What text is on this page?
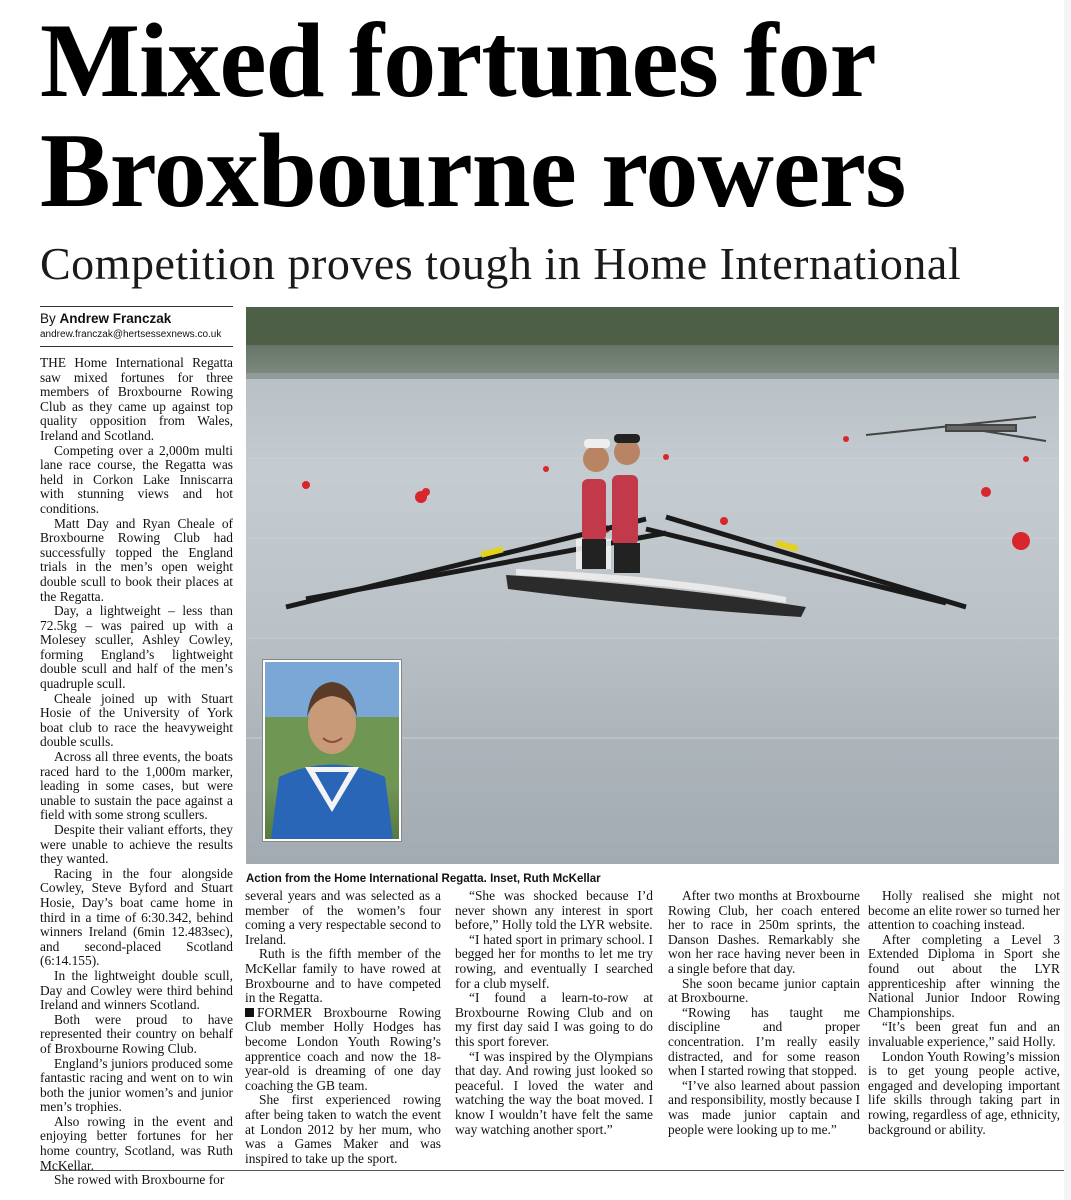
Mixed fortunes for
Broxbourne rowers
Competition proves tough in Home International
By Andrew Franczak
andrew.franczak@hertsessexnews.co.uk

THE Home International Regatta saw mixed fortunes for three members of Broxbourne Rowing Club as they came up against top quality opposition from Wales, Ireland and Scotland.

Competing over a 2,000m multi lane race course, the Regatta was held in Corkon Lake Inniscarra with stunning views and hot conditions.

Matt Day and Ryan Cheale of Broxbourne Rowing Club had successfully topped the England trials in the men’s open weight double scull to book their places at the Regatta.

Day, a lightweight – less than 72.5kg – was paired up with a Molesey sculler, Ashley Cowley, forming England’s lightweight double scull and half of the men’s quadruple scull.

Cheale joined up with Stuart Hosie of the University of York boat club to race the heavyweight double sculls.

Across all three events, the boats raced hard to the 1,000m marker, leading in some cases, but were unable to sustain the pace against a field with some strong scullers.

Despite their valiant efforts, they were unable to achieve the results they wanted.

Racing in the four alongside Cowley, Steve Byford and Stuart Hosie, Day’s boat came home in third in a time of 6:30.342, behind winners Ireland (6min 12.483sec), and second-placed Scotland (6:14.155).

In the lightweight double scull, Day and Cowley were third behind Ireland and winners Scotland.

Both were proud to have represented their country on behalf of Broxbourne Rowing Club.

England’s juniors produced some fantastic racing and went on to win both the junior women’s and junior men’s trophies.

Also rowing in the event and enjoying better fortunes for her home country, Scotland, was Ruth McKellar.

She rowed with Broxbourne for

Action from the Home International Regatta. Inset, Ruth McKellar

several years and was selected as a member of the women’s four coming a very respectable second to Ireland.

Ruth is the fifth member of the McKellar family to have rowed at Broxbourne and to have competed in the Regatta.

FORMER Broxbourne Rowing Club member Holly Hodges has become London Youth Rowing’s apprentice coach and now the 18-year-old is dreaming of one day coaching the GB team.

She first experienced rowing after being taken to watch the event at London 2012 by her mum, who was a Games Maker and was inspired to take up the sport.

“She was shocked because I’d never shown any interest in sport before,” Holly told the LYR website.

“I hated sport in primary school. I begged her for months to let me try rowing, and eventually I searched for a club myself.

“I found a learn-to-row at Broxbourne Rowing Club and on my first day said I was going to do this sport forever.

“I was inspired by the Olympians that day. And rowing just looked so peaceful. I loved the water and watching the way the boat moved. I know I wouldn’t have felt the same way watching another sport.”

After two months at Broxbourne Rowing Club, her coach entered her to race in 250m sprints, the Danson Dashes. Remarkably she won her race having never been in a single before that day.

She soon became junior captain at Broxbourne.

“Rowing has taught me discipline and proper concentration. I’m really easily distracted, and for some reason when I started rowing that stopped.

“I’ve also learned about passion and responsibility, mostly because I was made junior captain and people were looking up to me.”

Holly realised she might not become an elite rower so turned her attention to coaching instead.

After completing a Level 3 Extended Diploma in Sport she found out about the LYR apprenticeship after winning the National Junior Indoor Rowing Championships.

“It’s been great fun and an invaluable experience,” said Holly.

London Youth Rowing’s mission is to get young people active, engaged and developing important life skills through taking part in rowing, regardless of age, ethnicity, background or ability.
